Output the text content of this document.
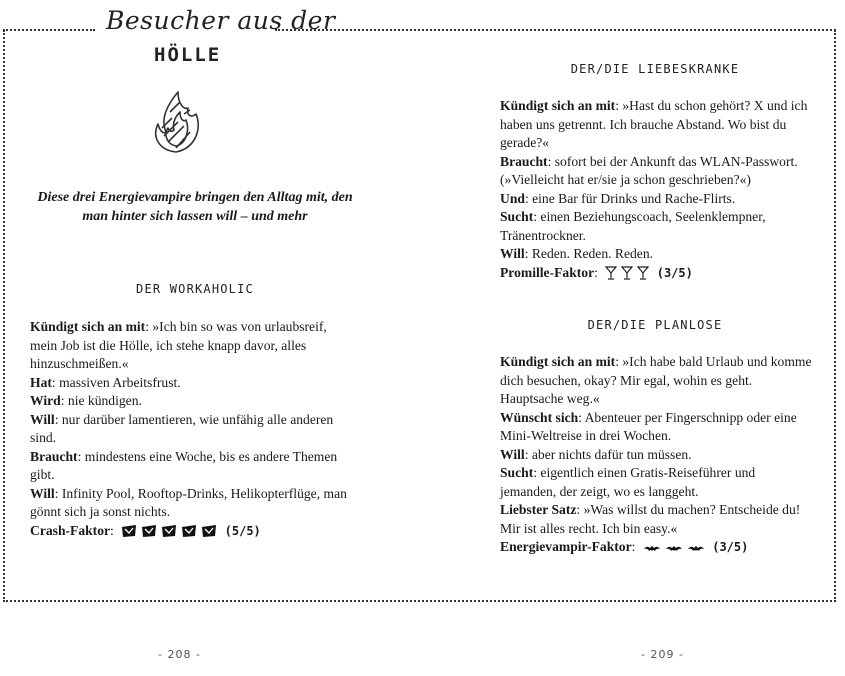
Besucher aus der
HÖLLE
Diese drei Energievampire bringen den Alltag mit, den man hinter sich lassen will – und mehr
DER WORKAHOLIC

Kündigt sich an mit: »Ich bin so was von urlaubsreif, mein Job ist die Hölle, ich stehe knapp davor, alles hinzuschmeißen.«

Hat: massiven Arbeitsfrust.

Wird: nie kündigen.

Will: nur darüber lamentieren, wie unfähig alle anderen sind.

Braucht: mindestens eine Woche, bis es andere Themen gibt.

Will: Infinity Pool, Rooftop-Drinks, Helikopterflüge, man gönnt sich ja sonst nichts.

Crash-Faktor:	(5/5)

DER/DIE LIEBESKRANKE

Kündigt sich an mit: »Hast du schon gehört? X und ich haben uns getrennt. Ich brauche Abstand. Wo bist du gerade?«

Braucht: sofort bei der Ankunft das WLAN-Passwort. (»Vielleicht hat er/sie ja schon geschrieben?«)

Und: eine Bar für Drinks und Rache-Flirts.

Sucht: einen Beziehungscoach, Seelenklempner, Tränentrockner.

Will: Reden. Reden. Reden.

Promille-Faktor:	(3/5)

DER/DIE PLANLOSE

Kündigt sich an mit: »Ich habe bald Urlaub und komme dich besuchen, okay? Mir egal, wohin es geht. Hauptsache weg.«

Wünscht sich: Abenteuer per Fingerschnipp oder eine Mini-Weltreise in drei Wochen.

Will: aber nichts dafür tun müssen.

Sucht: eigentlich einen Gratis-Reiseführer und jemanden, der zeigt, wo es langgeht.

Liebster Satz: »Was willst du machen? Entscheide du! Mir ist alles recht. Ich bin easy.«

Energievampir-Faktor:	(3/5)

- 208 -	- 209 -
